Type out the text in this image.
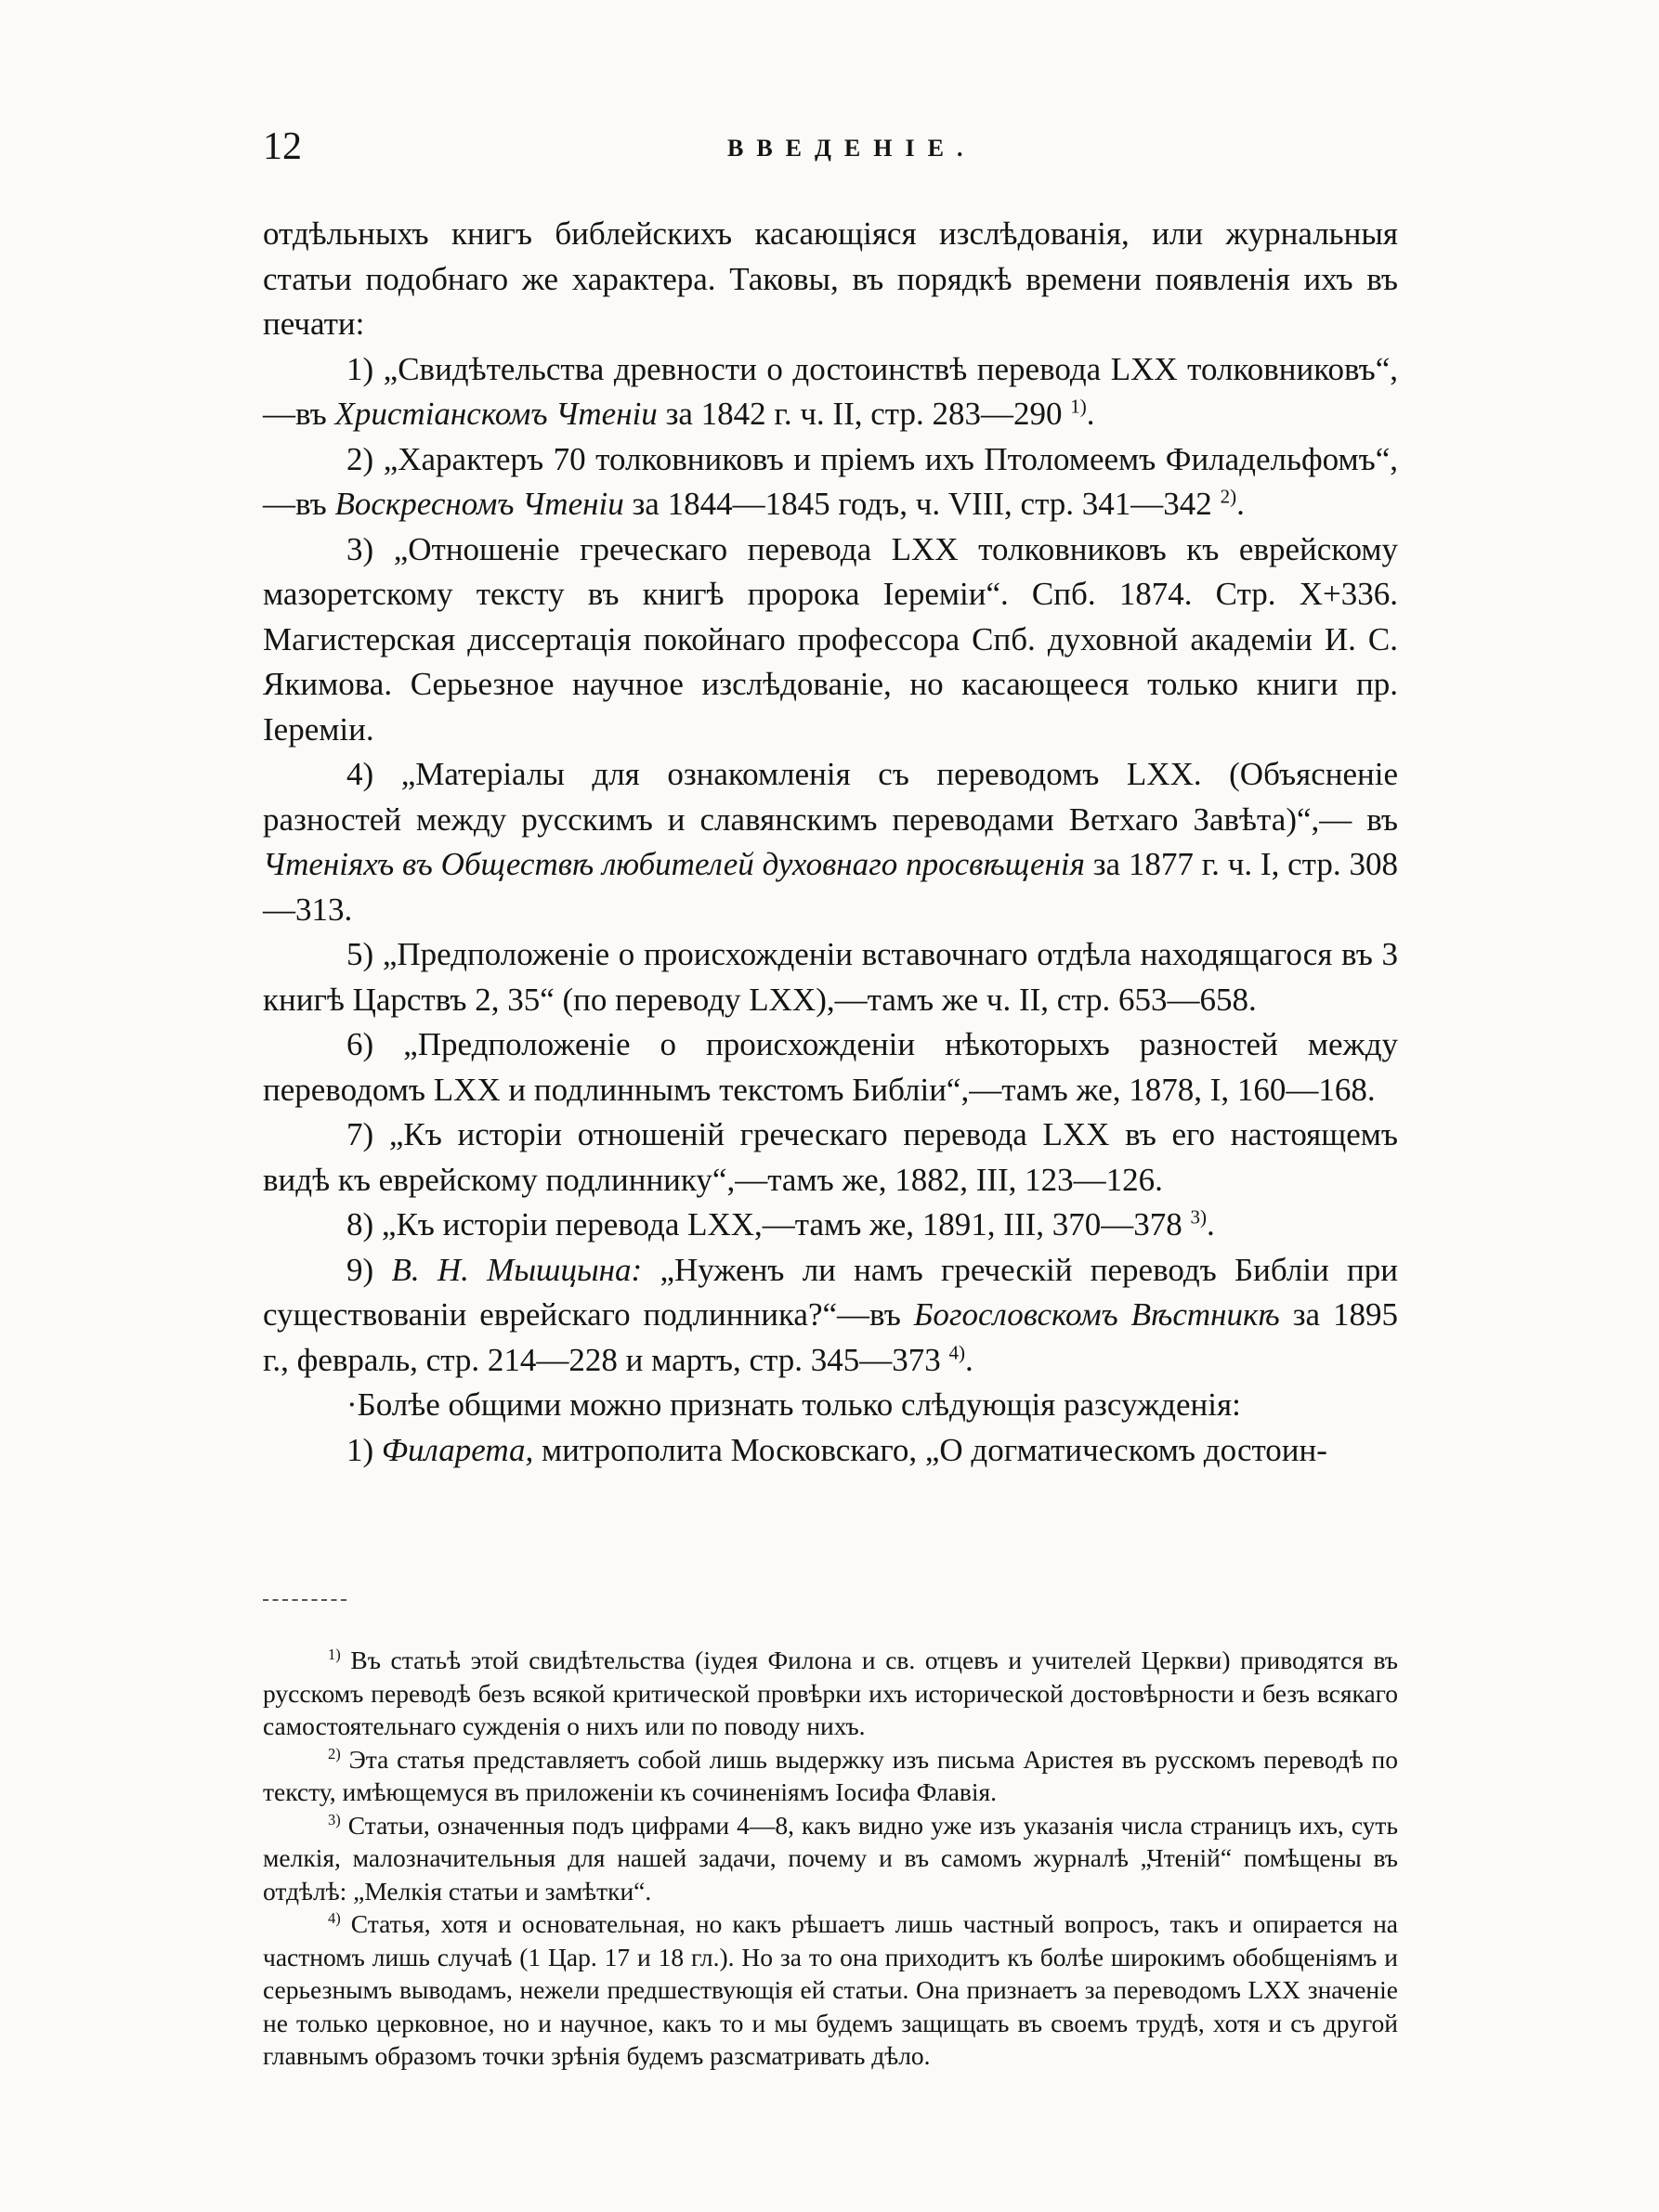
12	ВВЕДЕНІЕ.

отдѣльныхъ книгъ библейскихъ касающіяся изслѣдованія, или журнальныя статьи подобнаго же характера. Таковы, въ порядкѣ времени появленія ихъ въ печати:

1) „Свидѣтельства древности о достоинствѣ перевода LXX толковниковъ“,—въ Христіанскомъ Чтеніи за 1842 г. ч. II, стр. 283—290 $^{1)}$.

2) „Характеръ 70 толковниковъ и пріемъ ихъ Птоломеемъ Филадельфомъ“,—въ Воскресномъ Чтеніи за 1844—1845 годъ, ч. VIII, стр. 341—342 $^{2)}$.

3) „Отношеніе греческаго перевода LXX толковниковъ къ еврейскому мазоретскому тексту въ книгѣ пророка Іереміи“. Спб. 1874. Стр. X+336. Магистерская диссертація покойнаго профессора Спб. духовной академіи И. С. Якимова. Серьезное научное изслѣдованіе, но касающееся только книги пр. Іереміи.

4) „Матеріалы для ознакомленія съ переводомъ LXX. (Объясненіе разностей между русскимъ и славянскимъ переводами Ветхаго Завѣта)“,— въ Чтеніяхъ въ Обществѣ любителей духовнаго просвѣщенія за 1877 г. ч. I, стр. 308—313.

5) „Предположеніе о происхожденіи вставочнаго отдѣла находящагося въ 3 книгѣ Царствъ 2, 35“ (по переводу LXX),—тамъ же ч. II, стр. 653—658.

6) „Предположеніе о происхожденіи нѣкоторыхъ разностей между переводомъ LXX и подлиннымъ текстомъ Библіи“,—тамъ же, 1878, I, 160—168.

7) „Къ исторіи отношеній греческаго перевода LXX въ его настоящемъ видѣ къ еврейскому подлиннику“,—тамъ же, 1882, III, 123—126.

8) „Къ исторіи перевода LXX,—тамъ же, 1891, III, 370—378 $^{3)}$.

9) В. Н. Мышцына: „Нуженъ ли намъ греческій переводъ Библіи при существованіи еврейскаго подлинника?“—въ Богословскомъ Вѣстникѣ за 1895 г., февраль, стр. 214—228 и мартъ, стр. 345—373 $^{4)}$.

·Болѣе общими можно признать только слѣдующія разсужденія:

1) Филарета, митрополита Московскаго, „О догматическомъ достоин-

$^{1)}$ Въ статьѣ этой свидѣтельства (іудея Филона и св. отцевъ и учителей Церкви) приводятся въ русскомъ переводѣ безъ всякой критической провѣрки ихъ исторической достовѣрности и безъ всякаго самостоятельнаго сужденія о нихъ или по поводу нихъ.

$^{2)}$ Эта статья представляетъ собой лишь выдержку изъ письма Аристея въ русскомъ переводѣ по тексту, имѣющемуся въ приложеніи къ сочиненіямъ Іосифа Флавія.

$^{3)}$ Статьи, означенныя подъ цифрами 4—8, какъ видно уже изъ указанія числа страницъ ихъ, суть мелкія, малозначительныя для нашей задачи, почему и въ самомъ журналѣ „Чтеній“ помѣщены въ отдѣлѣ: „Мелкія статьи и замѣтки“.

$^{4)}$ Статья, хотя и основательная, но какъ рѣшаетъ лишь частный вопросъ, такъ и опирается на частномъ лишь случаѣ (1 Цар. 17 и 18 гл.). Но за то она приходитъ къ болѣе широкимъ обобщеніямъ и серьезнымъ выводамъ, нежели предшествующія ей статьи. Она признаетъ за переводомъ LXX значеніе не только церковное, но и научное, какъ то и мы будемъ защищать въ своемъ трудѣ, хотя и съ другой главнымъ образомъ точки зрѣнія будемъ разсматривать дѣло.
